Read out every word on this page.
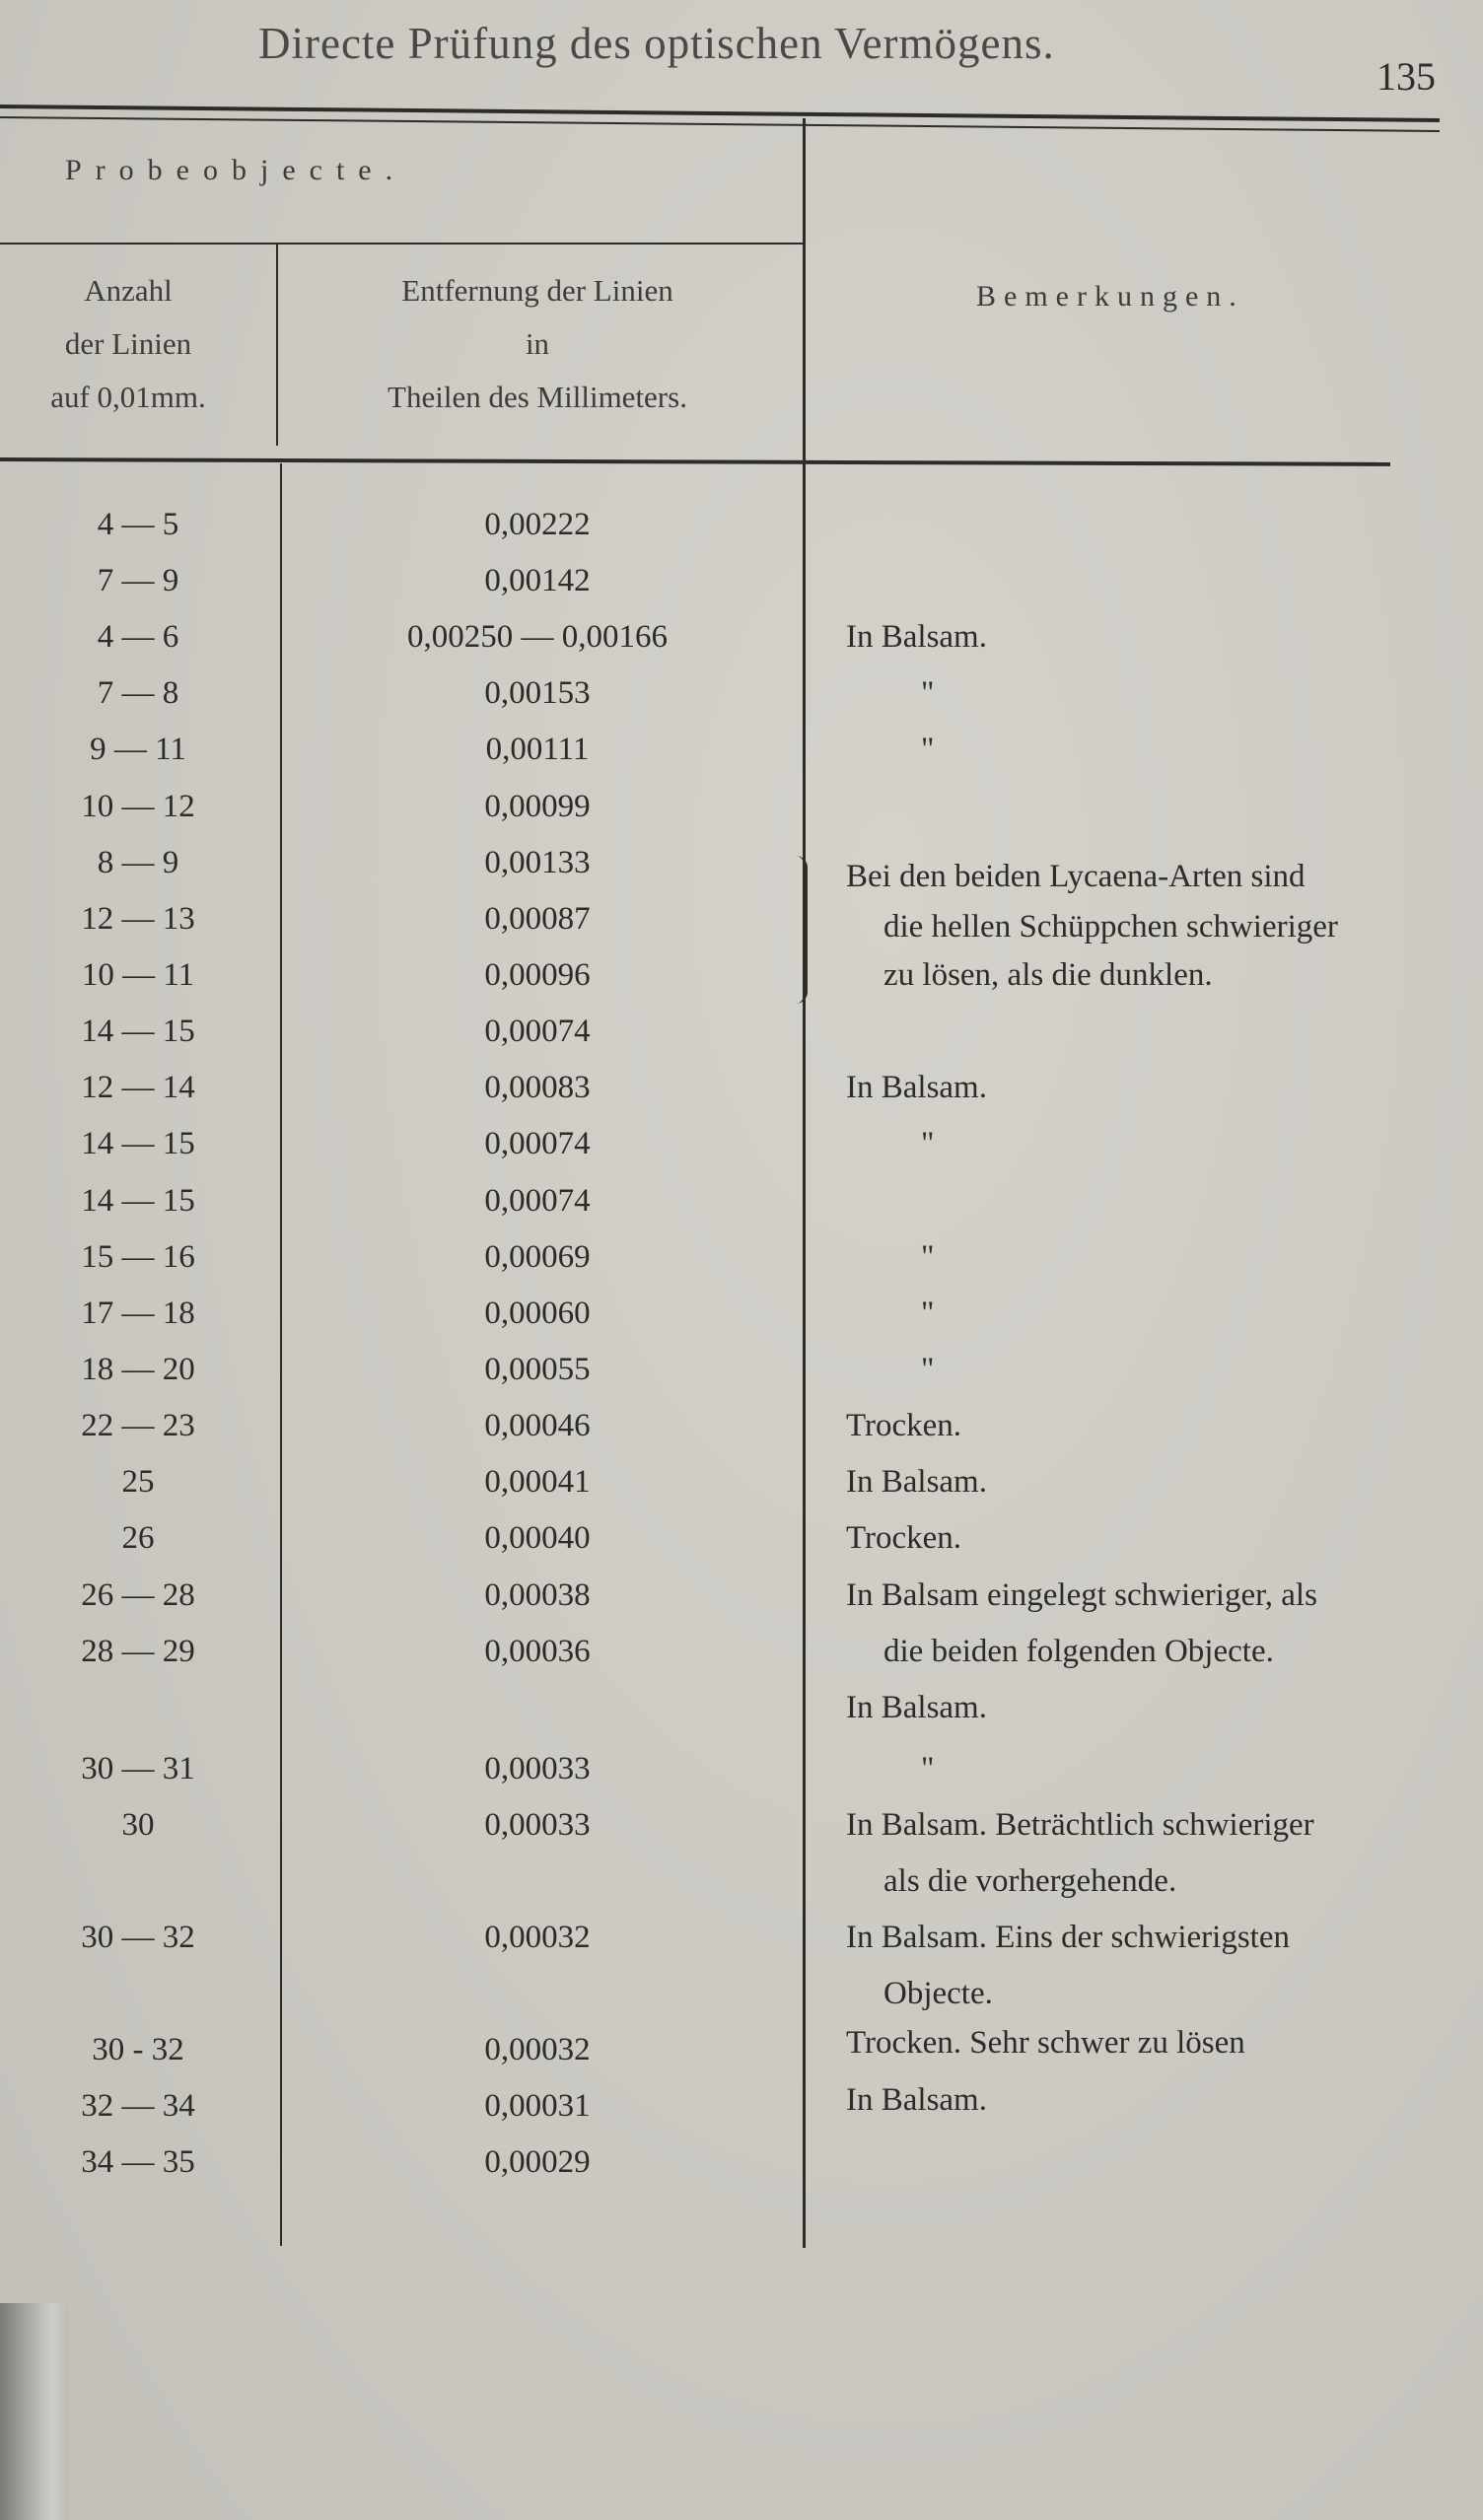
Directe Prüfung des optischen Vermögens.
135
Probeobjecte.
Anzahl
der Linien
auf 0,01mm.
Entfernung der Linien
in
Theilen des Millimeters.
Bemerkungen.
4 — 5	0,00222
7 — 9	0,00142
4 — 6	0,00250 — 0,00166	In Balsam.
7 — 8	0,00153	"
9 — 11	0,00111	"
10 — 12	0,00099
8 — 9	0,00133	Bei den beiden Lycaena-Arten sind
12 — 13	0,00087	die hellen Schüppchen schwieriger
10 — 11	0,00096	zu lösen, als die dunklen.
14 — 15	0,00074
12 — 14	0,00083	In Balsam.
14 — 15	0,00074	"
14 — 15	0,00074
15 — 16	0,00069	"
17 — 18	0,00060	"
18 — 20	0,00055	"
22 — 23	0,00046	Trocken.
25	0,00041	In Balsam.
26	0,00040	Trocken.
26 — 28	0,00038	In Balsam eingelegt schwieriger, als
28 — 29	0,00036	die beiden folgenden Objecte.
In Balsam.
30 — 31	0,00033	"
30	0,00033	In Balsam. Beträchtlich schwieriger
als die vorhergehende.
30 — 32	0,00032	In Balsam. Eins der schwierigsten
Objecte.
30 - 32	0,00032	Trocken. Sehr schwer zu lösen
32 — 34	0,00031	In Balsam.
34 — 35	0,00029
